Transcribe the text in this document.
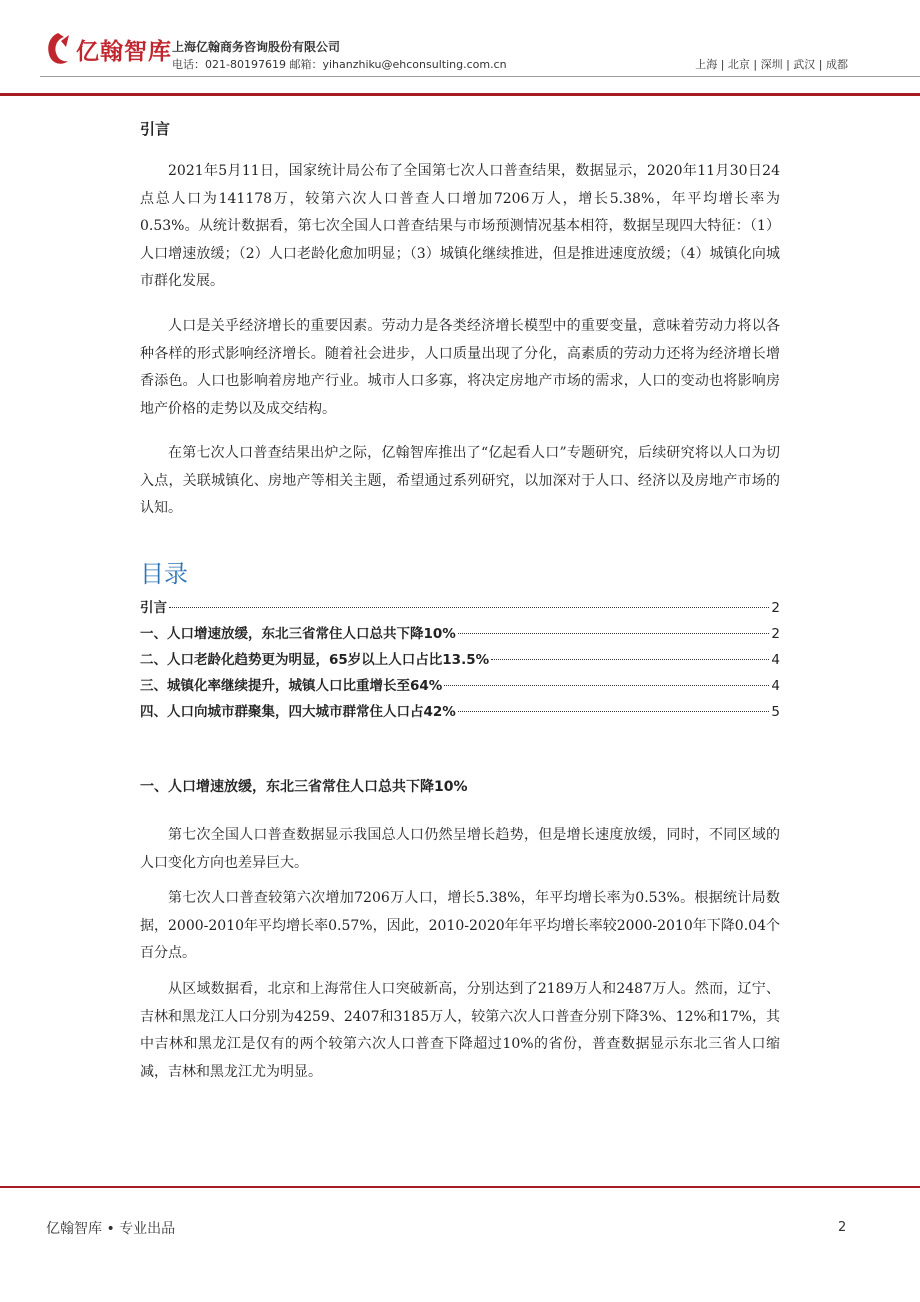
亿翰智库 上海亿翰商务咨询股份有限公司
电话：021-80197619 邮箱：yihanzhiku@ehconsulting.com.cn	上海 | 北京 | 深圳 | 武汉 | 成都
引言

2021年5月11日，国家统计局公布了全国第七次人口普查结果，数据显示，2020年11月30日24点总人口为141178万，较第六次人口普查人口增加7206万人，增长5.38%，年平均增长率为0.53%。从统计数据看，第七次全国人口普查结果与市场预测情况基本相符，数据呈现四大特征：（1）人口增速放缓；（2）人口老龄化愈加明显；（3）城镇化继续推进，但是推进速度放缓；（4）城镇化向城市群化发展。

人口是关乎经济增长的重要因素。劳动力是各类经济增长模型中的重要变量，意味着劳动力将以各种各样的形式影响经济增长。随着社会进步，人口质量出现了分化，高素质的劳动力还将为经济增长增香添色。人口也影响着房地产行业。城市人口多寡，将决定房地产市场的需求，人口的变动也将影响房地产价格的走势以及成交结构。

在第七次人口普查结果出炉之际，亿翰智库推出了“亿起看人口”专题研究，后续研究将以人口为切入点，关联城镇化、房地产等相关主题，希望通过系列研究，以加深对于人口、经济以及房地产市场的认知。

目录
引言	2
一、人口增速放缓，东北三省常住人口总共下降10%	2
二、人口老龄化趋势更为明显，65岁以上人口占比13.5%	4
三、城镇化率继续提升，城镇人口比重增长至64%	4
四、人口向城市群聚集，四大城市群常住人口占42%	5
一、人口增速放缓，东北三省常住人口总共下降10%

第七次全国人口普查数据显示我国总人口仍然呈增长趋势，但是增长速度放缓，同时，不同区域的人口变化方向也差异巨大。

第七次人口普查较第六次增加7206万人口，增长5.38%，年平均增长率为0.53%。根据统计局数据，2000-2010年平均增长率0.57%，因此，2010-2020年年平均增长率较2000-2010年下降0.04个百分点。

从区域数据看，北京和上海常住人口突破新高，分别达到了2189万人和2487万人。然而，辽宁、吉林和黑龙江人口分别为4259、2407和3185万人，较第六次人口普查分别下降3%、12%和17%，其中吉林和黑龙江是仅有的两个较第六次人口普查下降超过10%的省份，普查数据显示东北三省人口缩减，吉林和黑龙江尤为明显。

亿翰智库 • 专业出品	2
